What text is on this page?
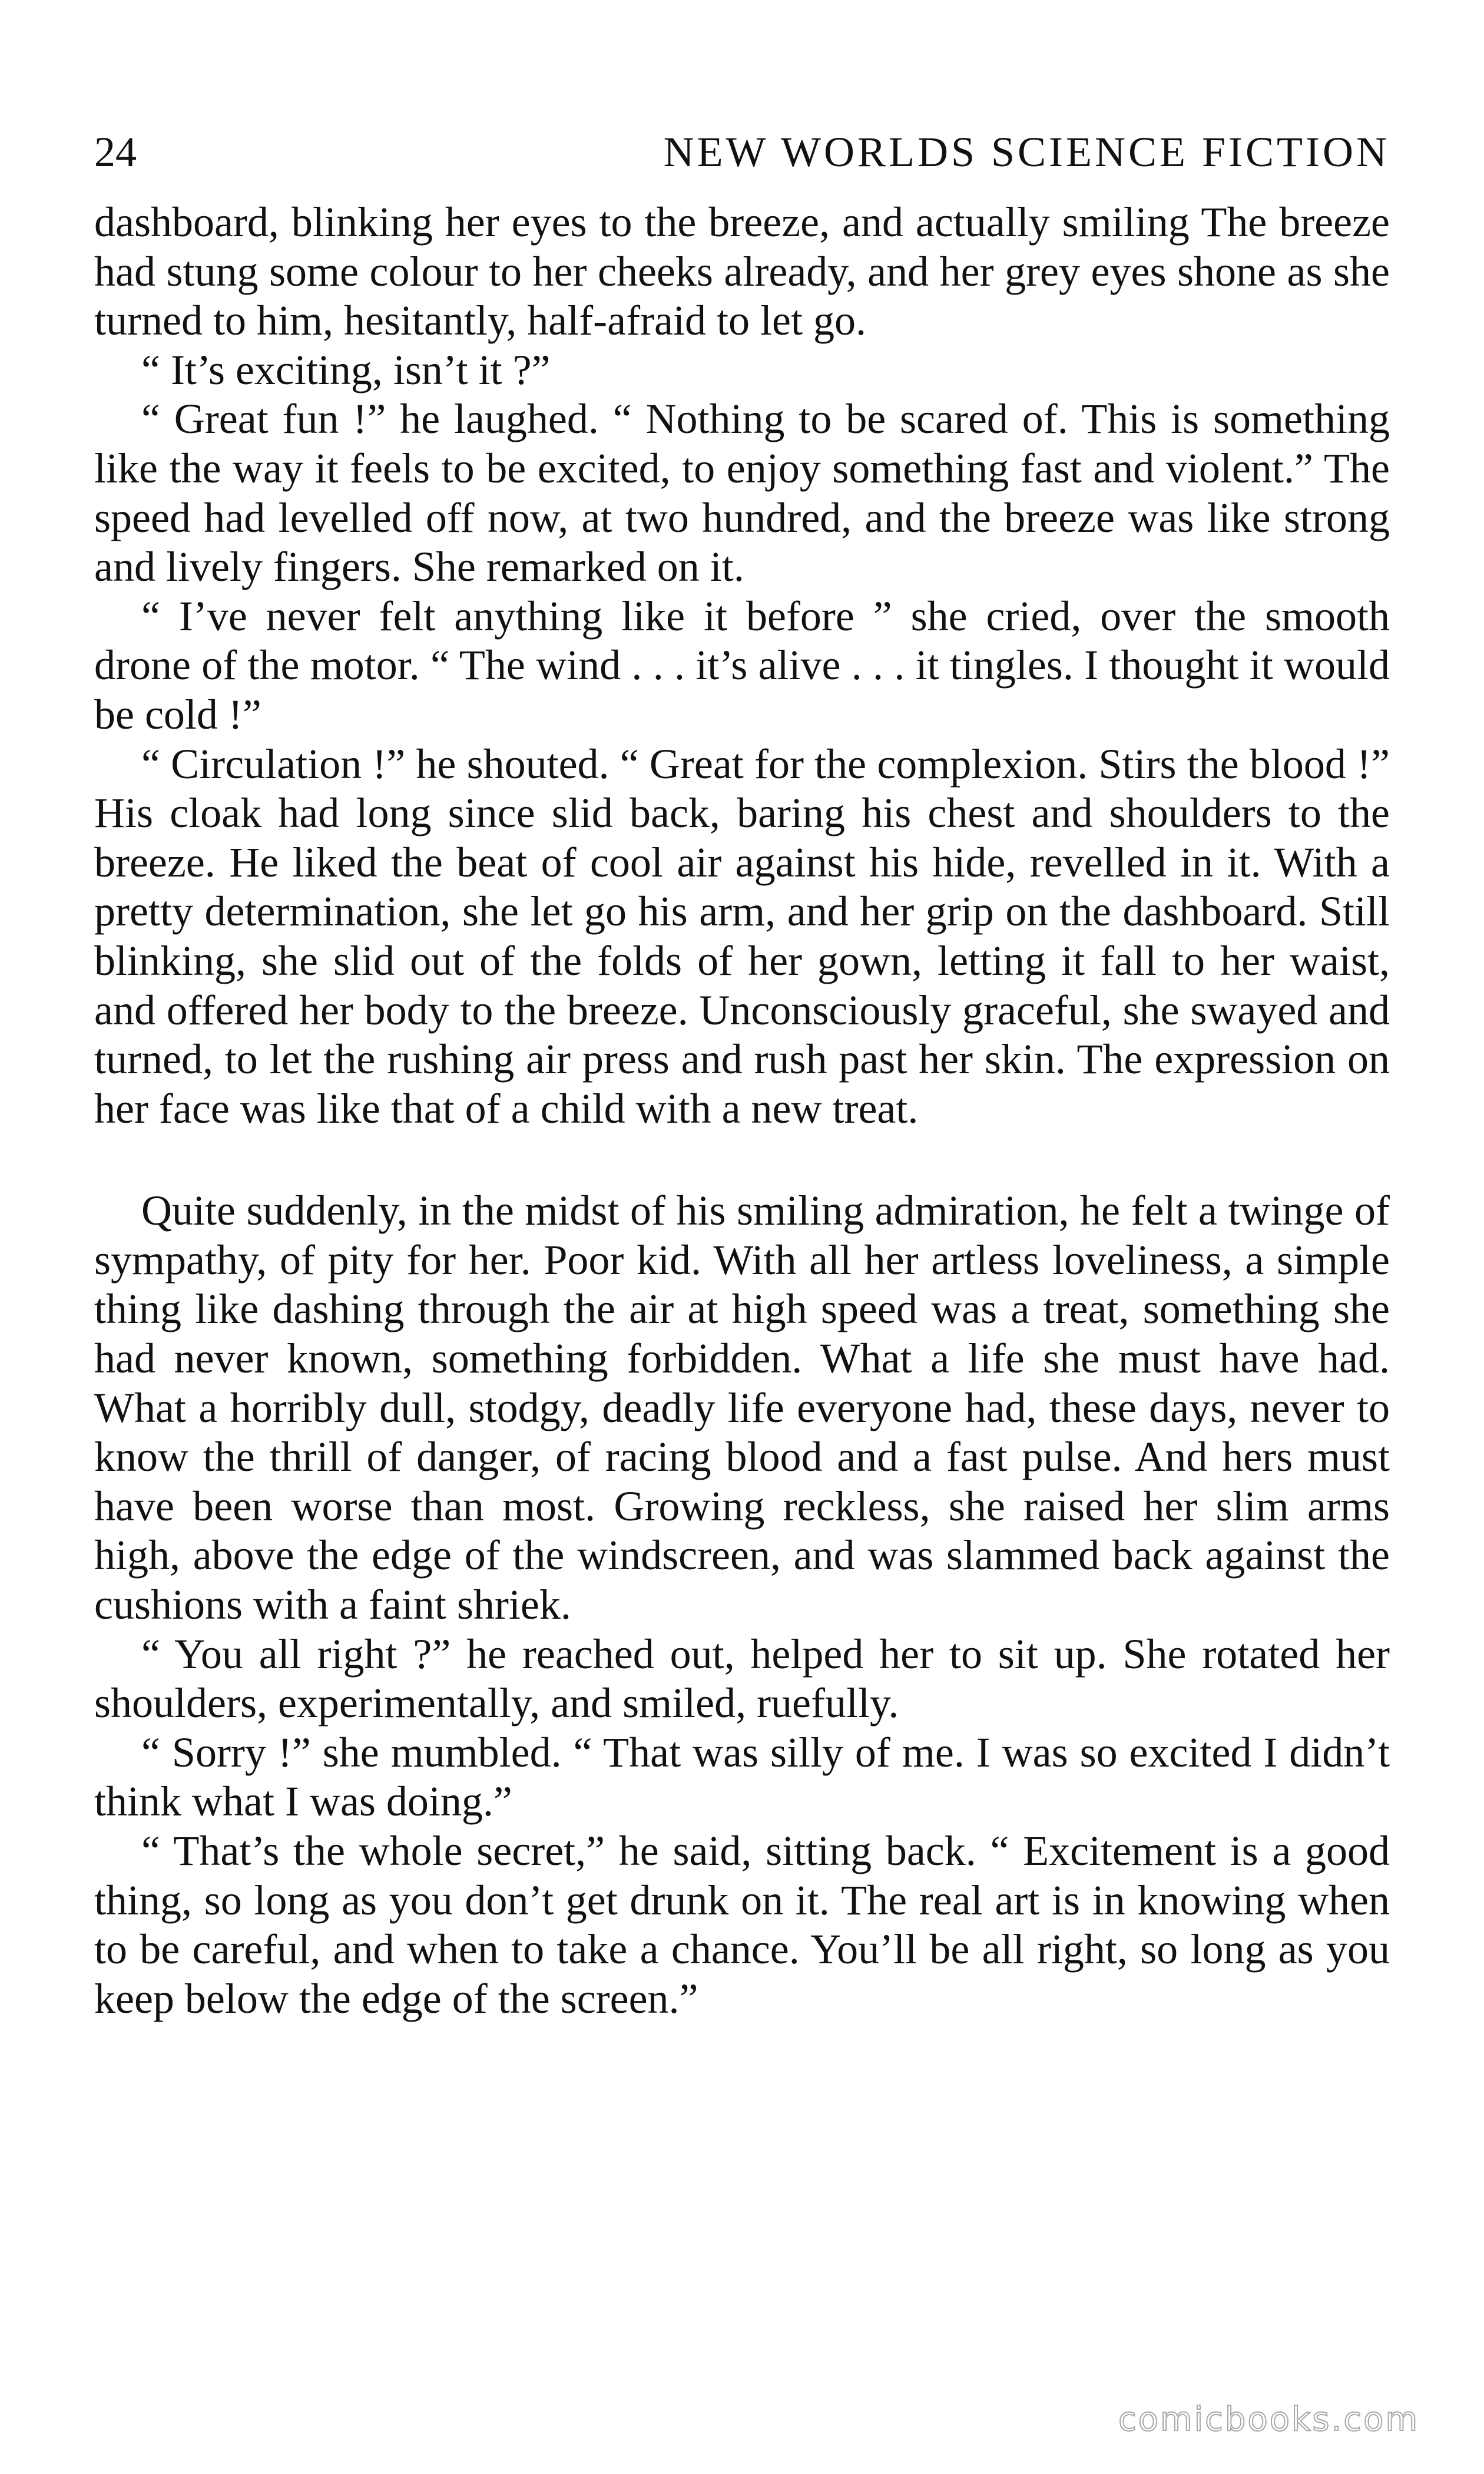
24	NEW WORLDS SCIENCE FICTION

dashboard, blinking her eyes to the breeze, and actually smiling The breeze had stung some colour to her cheeks already, and her grey eyes shone as she turned to him, hesitantly, half-afraid to let go.

“ It’s exciting, isn’t it ?”

“ Great fun !” he laughed. “ Nothing to be scared of. This is something like the way it feels to be excited, to enjoy something fast and violent.” The speed had levelled off now, at two hundred, and the breeze was like strong and lively fingers. She remarked on it.

“ I’ve never felt anything like it before ” she cried, over the smooth drone of the motor. “ The wind . . . it’s alive . . . it tingles. I thought it would be cold !”

“ Circulation !” he shouted. “ Great for the complexion. Stirs the blood !” His cloak had long since slid back, baring his chest and shoulders to the breeze. He liked the beat of cool air against his hide, revelled in it. With a pretty determination, she let go his arm, and her grip on the dashboard. Still blinking, she slid out of the folds of her gown, letting it fall to her waist, and offered her body to the breeze. Unconsciously graceful, she swayed and turned, to let the rushing air press and rush past her skin. The expression on her face was like that of a child with a new treat.

Quite suddenly, in the midst of his smiling admiration, he felt a twinge of sympathy, of pity for her. Poor kid. With all her artless loveliness, a simple thing like dashing through the air at high speed was a treat, something she had never known, something forbidden. What a life she must have had. What a horribly dull, stodgy, deadly life everyone had, these days, never to know the thrill of danger, of racing blood and a fast pulse. And hers must have been worse than most. Growing reckless, she raised her slim arms high, above the edge of the windscreen, and was slammed back against the cushions with a faint shriek.

“ You all right ?” he reached out, helped her to sit up. She rotated her shoulders, experimentally, and smiled, ruefully.

“ Sorry !” she mumbled. “ That was silly of me. I was so excited I didn’t think what I was doing.”

“ That’s the whole secret,” he said, sitting back. “ Excitement is a good thing, so long as you don’t get drunk on it. The real art is in knowing when to be careful, and when to take a chance. You’ll be all right, so long as you keep below the edge of the screen.”

comicbooks.com
